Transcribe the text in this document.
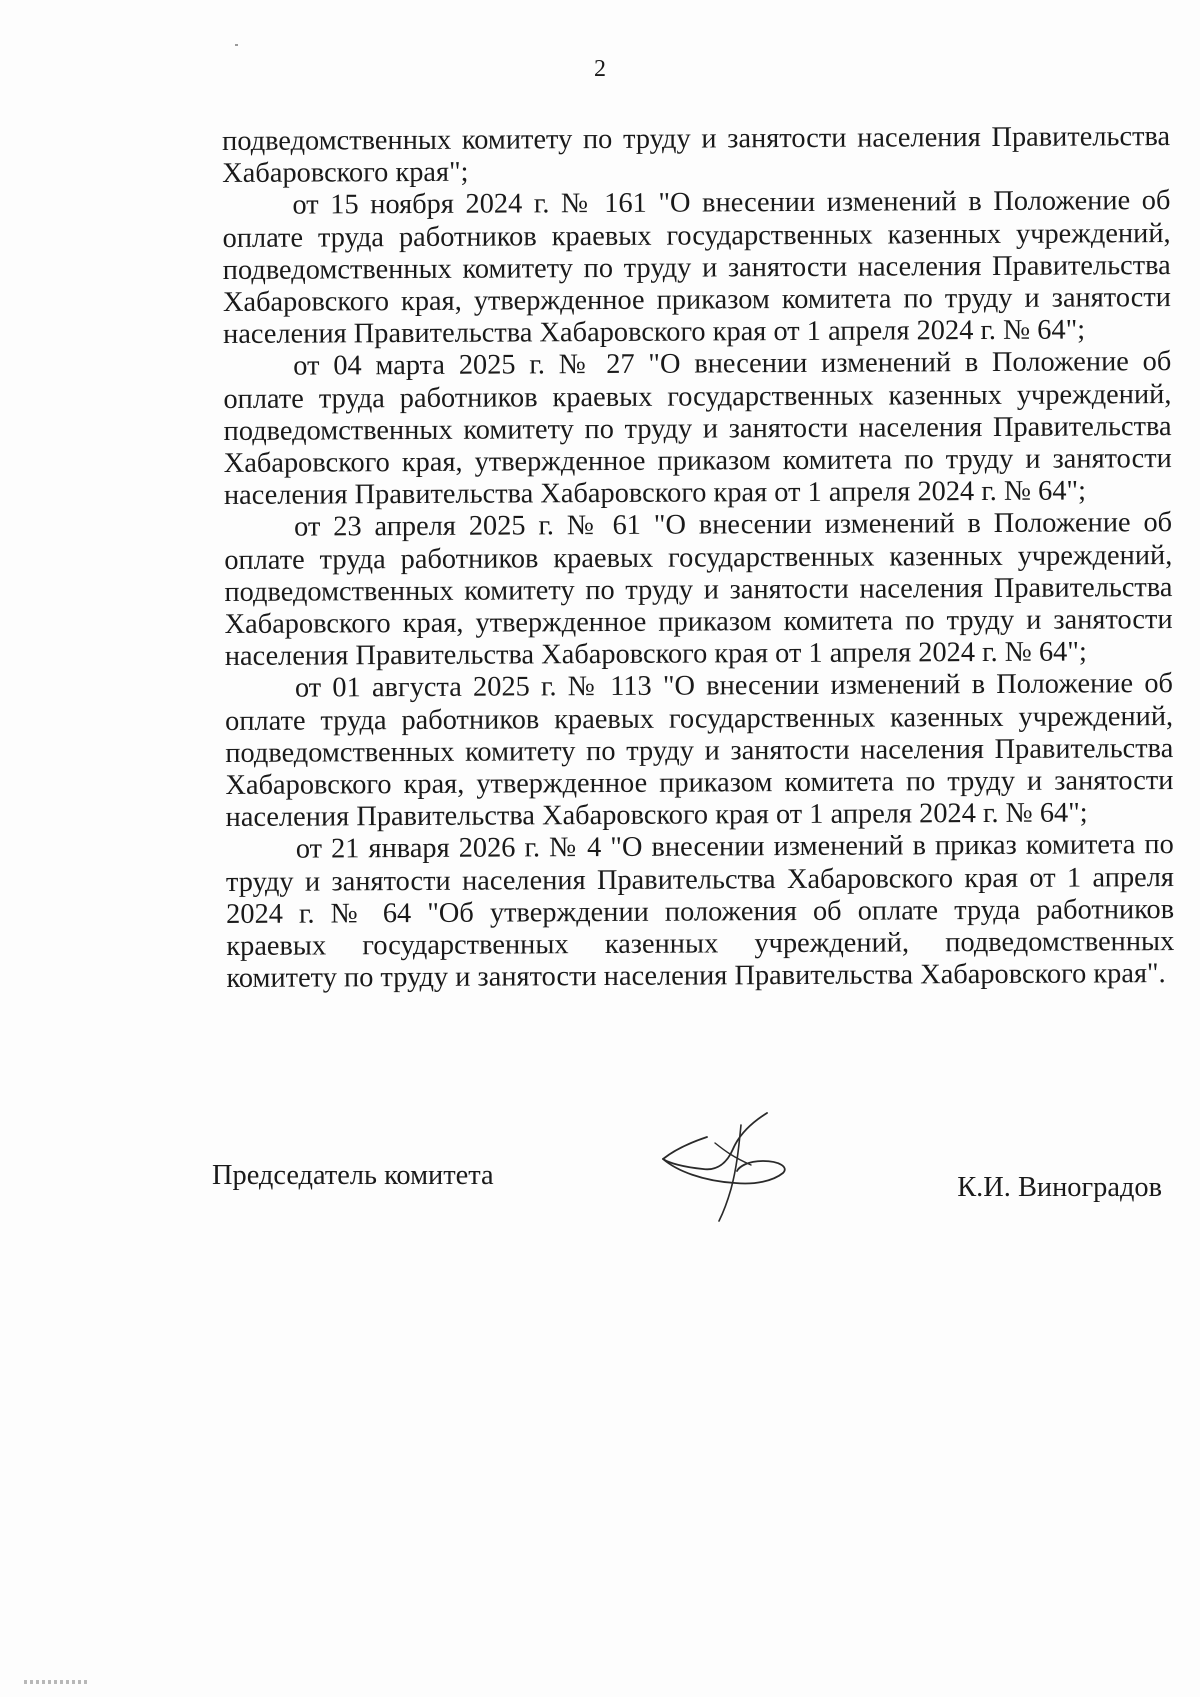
2

подведомственных комитету по труду и занятости населения Правительства Хабаровского края";

от 15 ноября 2024 г. № 161 "О внесении изменений в Положение об оплате труда работников краевых государственных казенных учреждений, подведомственных комитету по труду и занятости населения Правительства Хабаровского края, утвержденное приказом комитета по труду и занятости населения Правительства Хабаровского края от 1 апреля 2024 г. № 64";

от 04 марта 2025 г. № 27 "О внесении изменений в Положение об оплате труда работников краевых государственных казенных учреждений, подведомственных комитету по труду и занятости населения Правительства Хабаровского края, утвержденное приказом комитета по труду и занятости населения Правительства Хабаровского края от 1 апреля 2024 г. № 64";

от 23 апреля 2025 г. № 61 "О внесении изменений в Положение об оплате труда работников краевых государственных казенных учреждений, подведомственных комитету по труду и занятости населения Правительства Хабаровского края, утвержденное приказом комитета по труду и занятости населения Правительства Хабаровского края от 1 апреля 2024 г. № 64";

от 01 августа 2025 г. № 113 "О внесении изменений в Положение об оплате труда работников краевых государственных казенных учреждений, подведомственных комитету по труду и занятости населения Правительства Хабаровского края, утвержденное приказом комитета по труду и занятости населения Правительства Хабаровского края от 1 апреля 2024 г. № 64";

от 21 января 2026 г. № 4 "О внесении изменений в приказ комитета по труду и занятости населения Правительства Хабаровского края от 1 апреля 2024 г. № 64 "Об утверждении положения об оплате труда работников краевых государственных казенных учреждений, подведомственных комитету по труду и занятости населения Правительства Хабаровского края".

Председатель комитета	К.И. Виноградов
